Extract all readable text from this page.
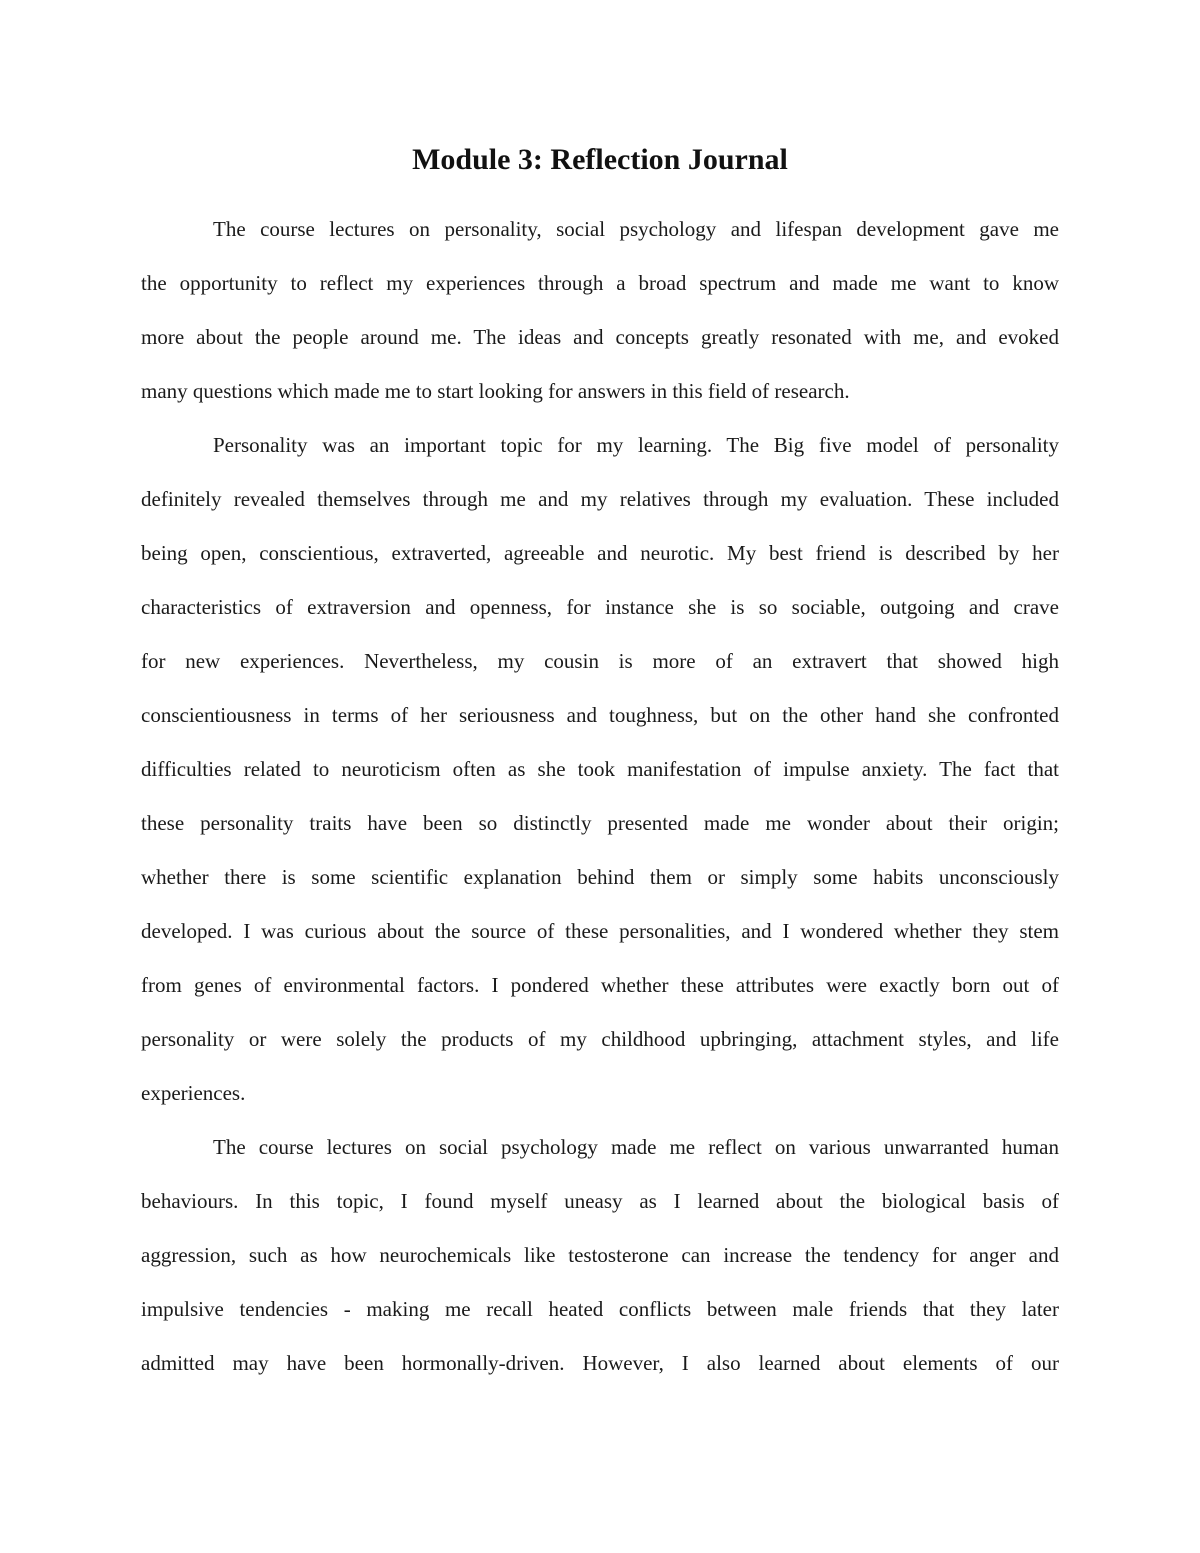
Module 3: Reflection Journal
The course lectures on personality, social psychology and lifespan development gave me
the opportunity to reflect my experiences through a broad spectrum and made me want to know
more about the people around me. The ideas and concepts greatly resonated with me, and evoked
many questions which made me to start looking for answers in this field of research.
Personality was an important topic for my learning. The Big five model of personality
definitely revealed themselves through me and my relatives through my evaluation. These included
being open, conscientious, extraverted, agreeable and neurotic. My best friend is described by her
characteristics of extraversion and openness, for instance she is so sociable, outgoing and crave
for new experiences. Nevertheless, my cousin is more of an extravert that showed high
conscientiousness in terms of her seriousness and toughness, but on the other hand she confronted
difficulties related to neuroticism often as she took manifestation of impulse anxiety. The fact that
these personality traits have been so distinctly presented made me wonder about their origin;
whether there is some scientific explanation behind them or simply some habits unconsciously
developed. I was curious about the source of these personalities, and I wondered whether they stem
from genes of environmental factors. I pondered whether these attributes were exactly born out of
personality or were solely the products of my childhood upbringing, attachment styles, and life
experiences.
The course lectures on social psychology made me reflect on various unwarranted human
behaviours. In this topic, I found myself uneasy as I learned about the biological basis of
aggression, such as how neurochemicals like testosterone can increase the tendency for anger and
impulsive tendencies - making me recall heated conflicts between male friends that they later
admitted may have been hormonally-driven. However, I also learned about elements of our
